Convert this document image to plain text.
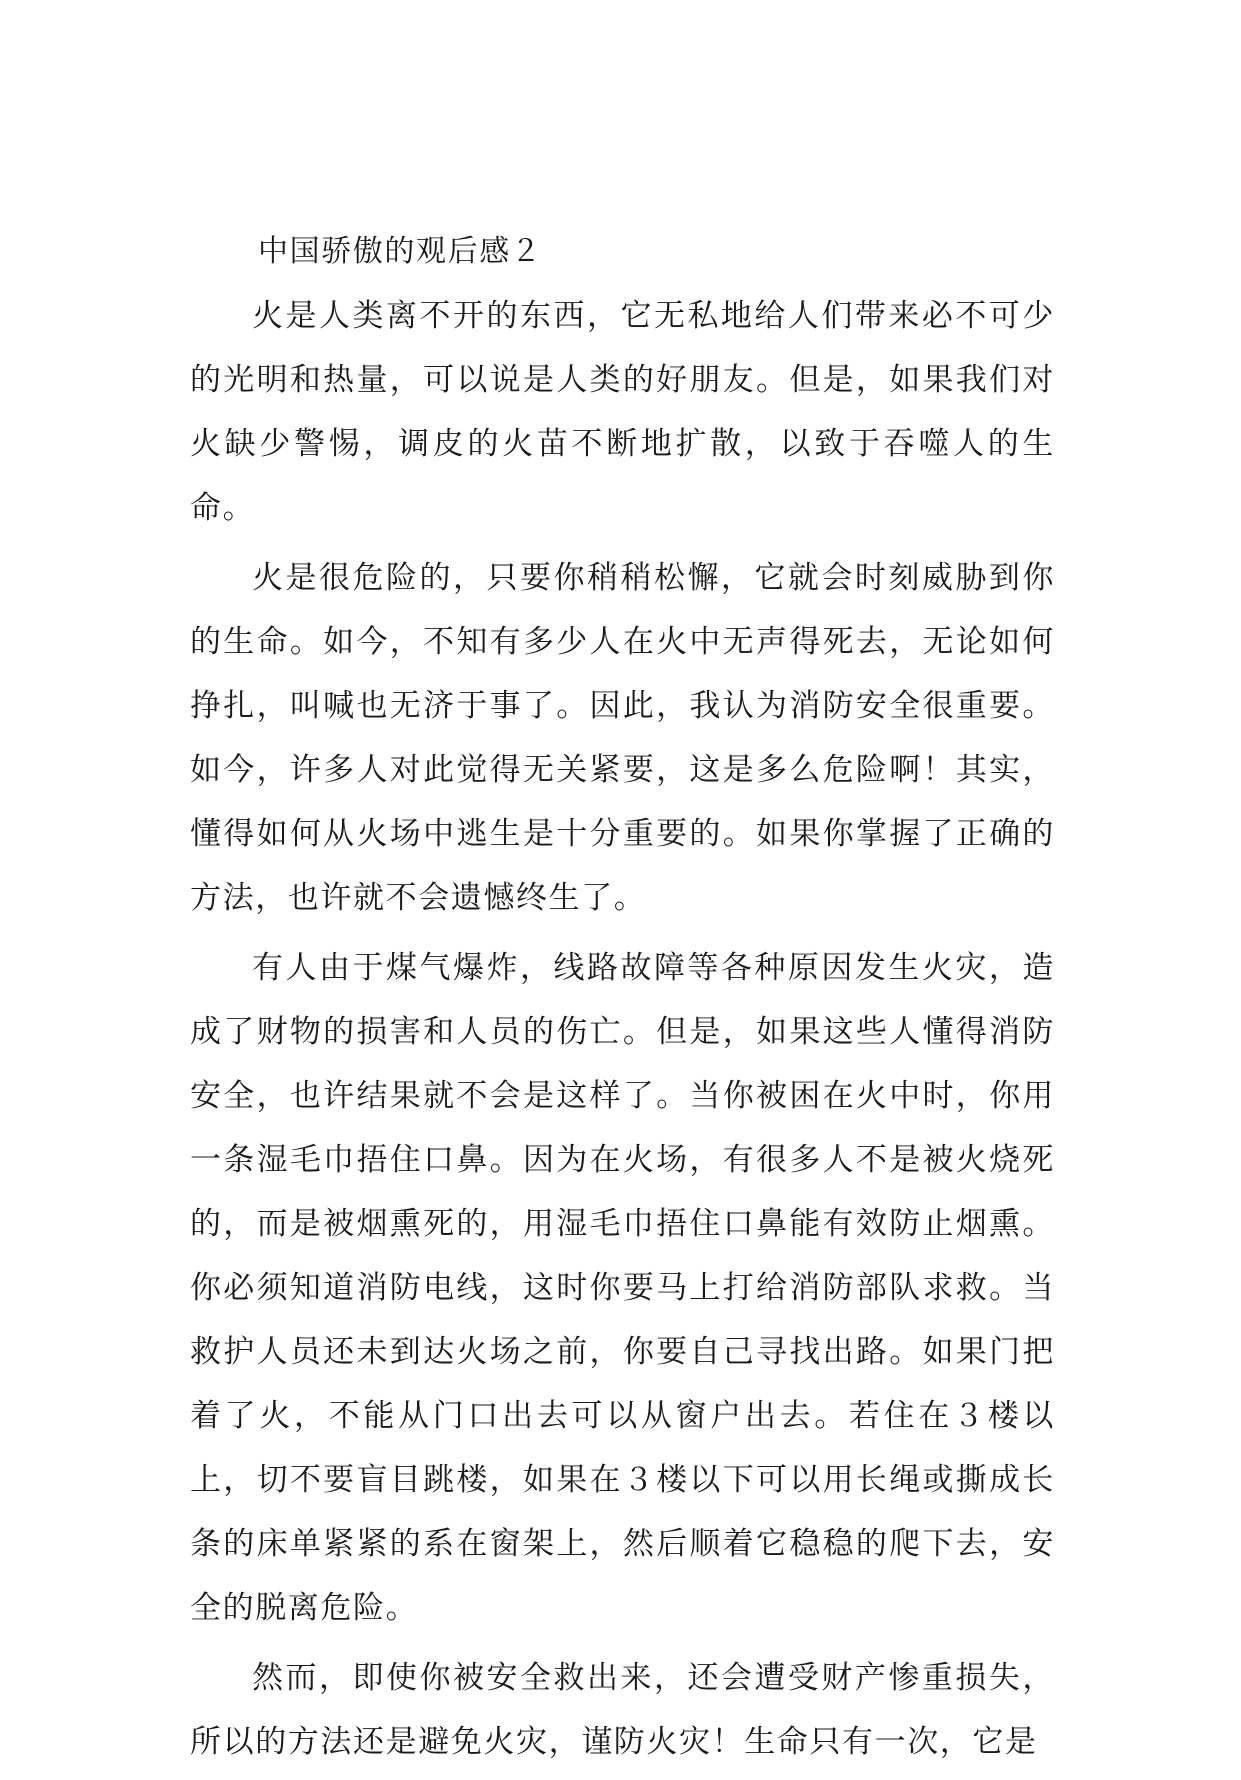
中国骄傲的观后感２

火是人类离不开的东西，它无私地给人们带来必不可少的光明和热量，可以说是人类的好朋友。但是，如果我们对火缺少警惕，调皮的火苗不断地扩散，以致于吞噬人的生命。

火是很危险的，只要你稍稍松懈，它就会时刻威胁到你的生命。如今，不知有多少人在火中无声得死去，无论如何挣扎，叫喊也无济于事了。因此，我认为消防安全很重要。如今，许多人对此觉得无关紧要，这是多么危险啊！其实，懂得如何从火场中逃生是十分重要的。如果你掌握了正确的方法，也许就不会遗憾终生了。

有人由于煤气爆炸，线路故障等各种原因发生火灾，造成了财物的损害和人员的伤亡。但是，如果这些人懂得消防安全，也许结果就不会是这样了。当你被困在火中时，你用一条湿毛巾捂住口鼻。因为在火场，有很多人不是被火烧死的，而是被烟熏死的，用湿毛巾捂住口鼻能有效防止烟熏。你必须知道消防电线，这时你要马上打给消防部队求救。当救护人员还未到达火场之前，你要自己寻找出路。如果门把着了火，不能从门口出去可以从窗户出去。若住在３楼以上，切不要盲目跳楼，如果在３楼以下可以用长绳或撕成长条的床单紧紧的系在窗架上，然后顺着它稳稳的爬下去，安全的脱离危险。

然而，即使你被安全救出来，还会遭受财产惨重损失，所以的方法还是避免火灾，谨防火灾！生命只有一次，它是
